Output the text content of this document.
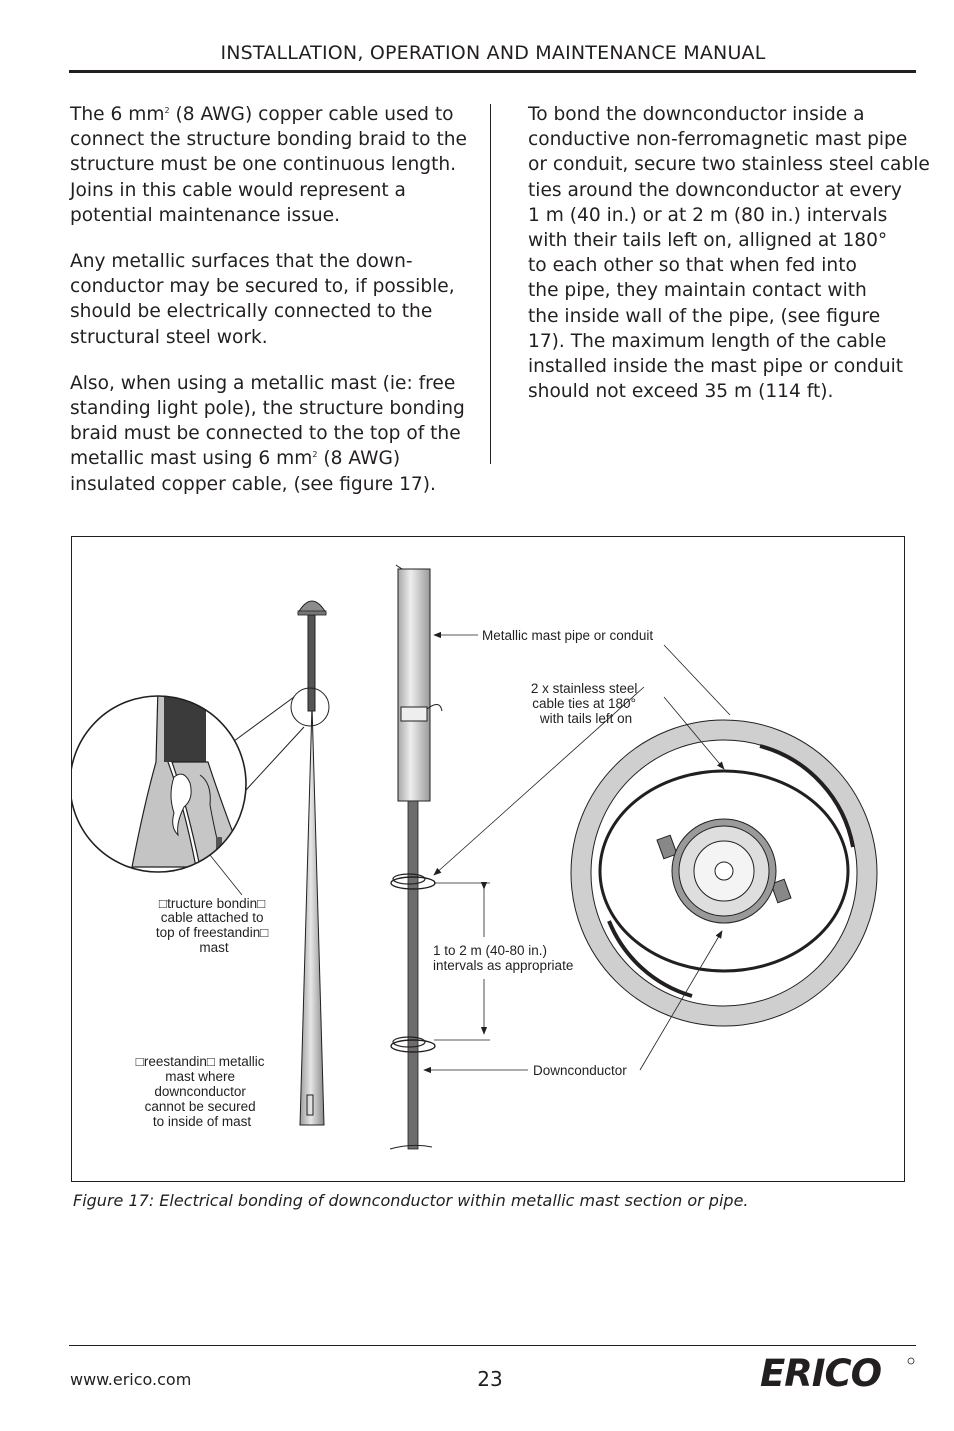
INSTALLATION, OPERATION AND MAINTENANCE MANUAL

The 6 $mm^2$ (8 AWG) copper cable used to
connect the structure bonding braid to the
structure must be one continuous length.
Joins in this cable would represent a
potential maintenance issue.

Any metallic surfaces that the down-
conductor may be secured to, if possible,
should be electrically connected to the
structural steel work.

Also, when using a metallic mast (ie: free
standing light pole), the structure bonding
braid must be connected to the top of the
metallic mast using 6 $mm^2$ (8 AWG)
insulated copper cable, (see figure 17).

To bond the downconductor inside a
conductive non-ferromagnetic mast pipe
or conduit, secure two stainless steel cable
ties around the downconductor at every
1 m (40 in.) or at 2 m (80 in.) intervals
with their tails left on, alligned at 180°
to each other so that when fed into
the pipe, they maintain contact with
the inside wall of the pipe, (see figure
17). The maximum length of the cable
installed inside the mast pipe or conduit
should not exceed 35 m (114 ft).

Metallic mast pipe or conduit
2 x stainless steel cable ties at 180° with tails left on
□tructure bondin□ cable attached to top of freestandin□ mast	1 to 2 m (40-80 in.) intervals as appropriate
□reestandin□ metallic mast where downconductor cannot be secured to inside of mast
Downconductor
Figure 17: Electrical bonding of downconductor within metallic mast section or pipe.
www.erico.com	23	ERICO
